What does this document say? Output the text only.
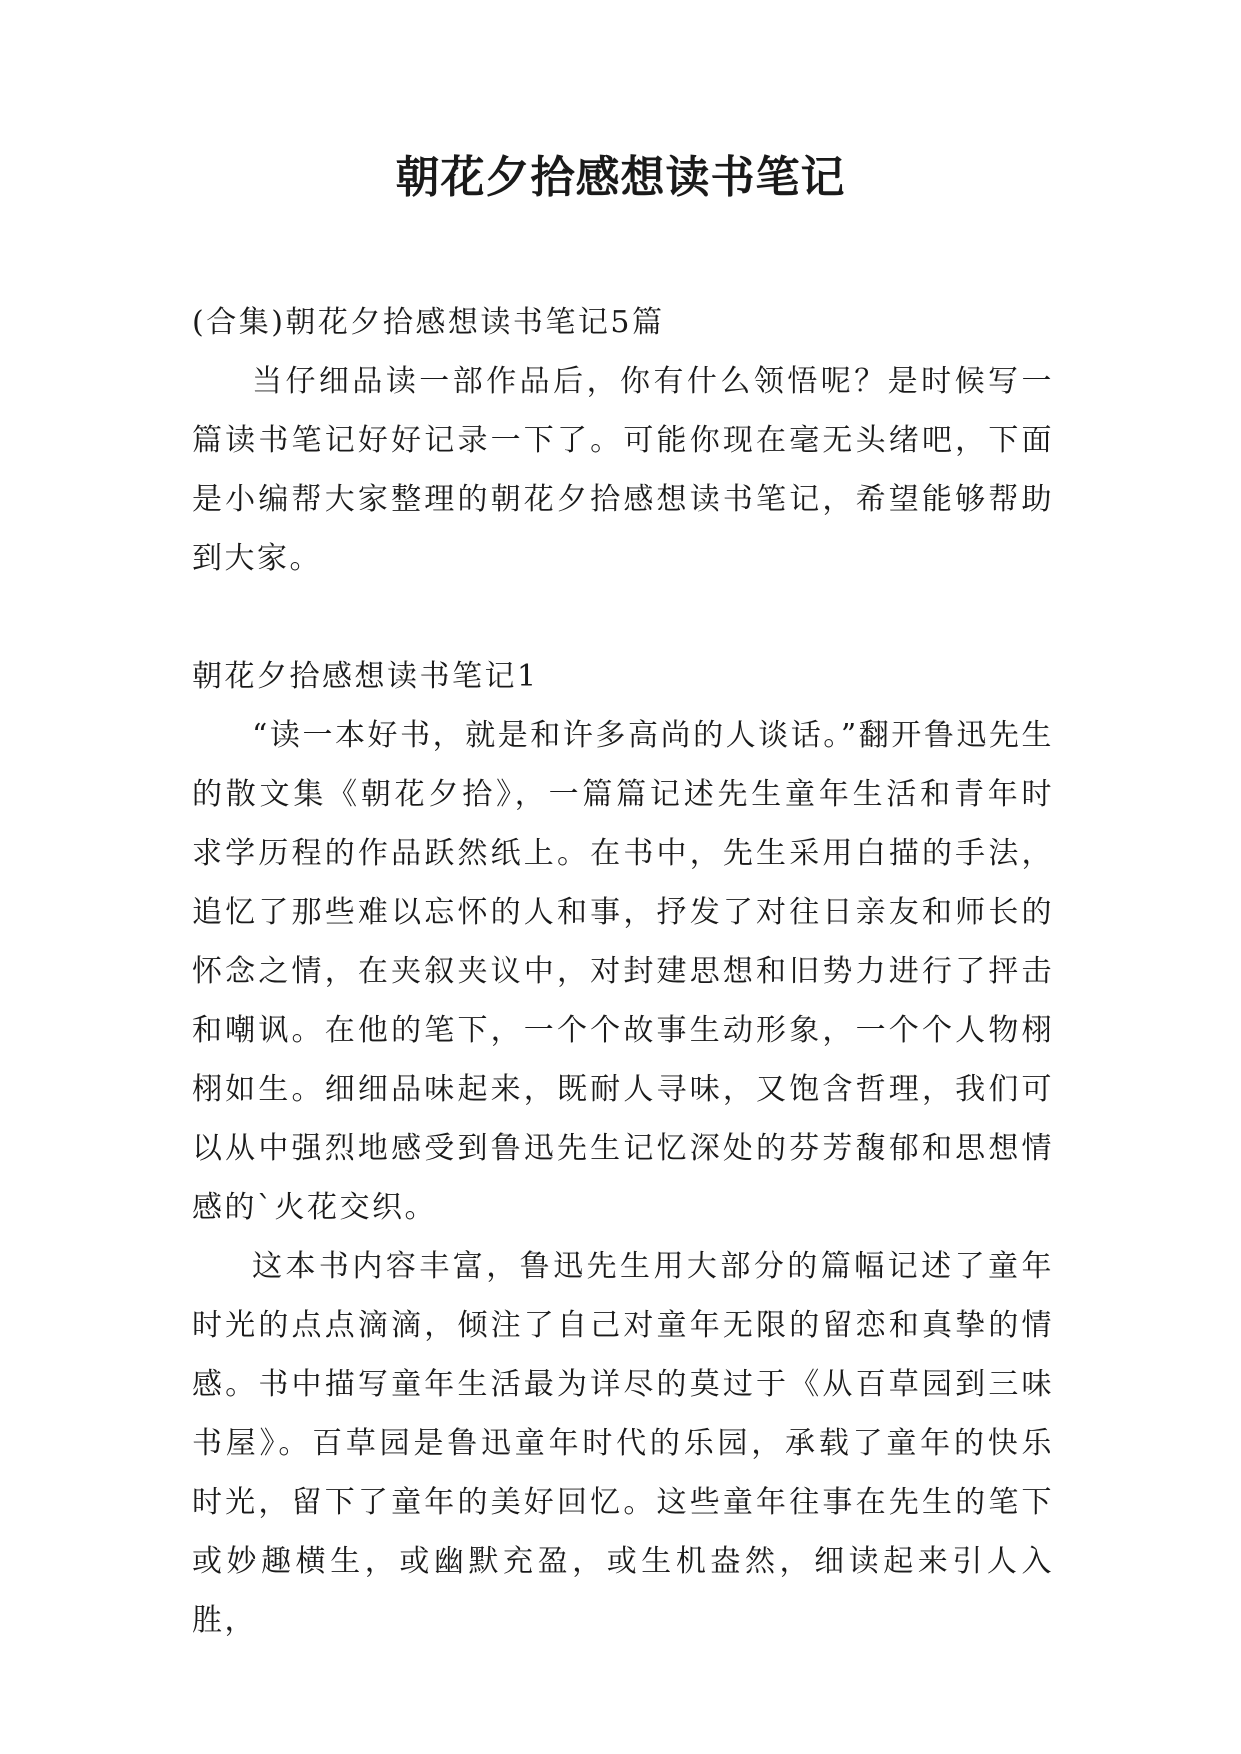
朝花夕拾感想读书笔记

(合集)朝花夕拾感想读书笔记5篇

当仔细品读一部作品后，你有什么领悟呢？是时候写一篇读书笔记好好记录一下了。可能你现在毫无头绪吧，下面是小编帮大家整理的朝花夕拾感想读书笔记，希望能够帮助到大家。

朝花夕拾感想读书笔记1

“读一本好书，就是和许多高尚的人谈话。”翻开鲁迅先生的散文集《朝花夕拾》，一篇篇记述先生童年生活和青年时求学历程的作品跃然纸上。在书中，先生采用白描的手法，追忆了那些难以忘怀的人和事，抒发了对往日亲友和师长的怀念之情，在夹叙夹议中，对封建思想和旧势力进行了抨击和嘲讽。在他的笔下，一个个故事生动形象，一个个人物栩栩如生。细细品味起来，既耐人寻味，又饱含哲理，我们可以从中强烈地感受到鲁迅先生记忆深处的芬芳馥郁和思想情感的`火花交织。

这本书内容丰富，鲁迅先生用大部分的篇幅记述了童年时光的点点滴滴，倾注了自己对童年无限的留恋和真挚的情感。书中描写童年生活最为详尽的莫过于《从百草园到三味书屋》。百草园是鲁迅童年时代的乐园，承载了童年的快乐时光，留下了童年的美好回忆。这些童年往事在先生的笔下或妙趣横生，或幽默充盈，或生机盎然，细读起来引人入胜，
